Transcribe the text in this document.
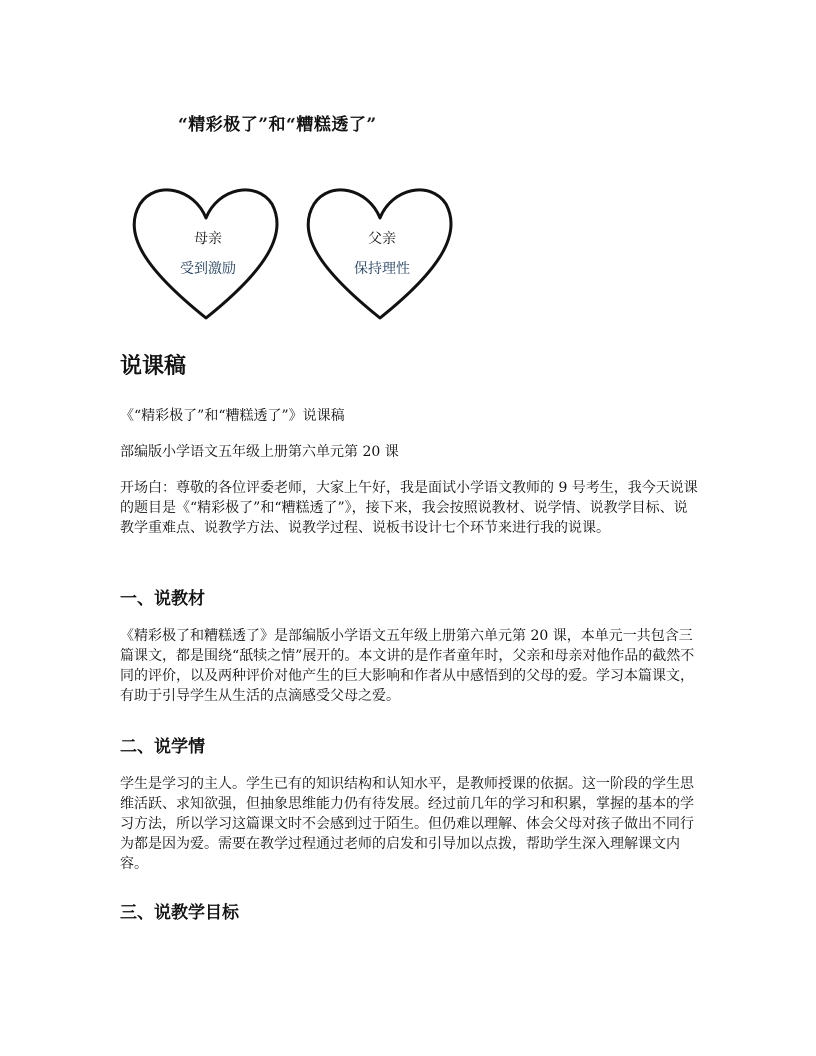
“精彩极了”和“糟糕透了”
母亲
受到激励
父亲
保持理性
说课稿

《“精彩极了”和“糟糕透了”》说课稿

部编版小学语文五年级上册第六单元第 20 课

开场白：尊敬的各位评委老师，大家上午好，我是面试小学语文教师的 9 号考生，我今天说课的题目是《“精彩极了”和“糟糕透了”》，接下来，我会按照说教材、说学情、说教学目标、说教学重难点、说教学方法、说教学过程、说板书设计七个环节来进行我的说课。

一、说教材

《精彩极了和糟糕透了》是部编版小学语文五年级上册第六单元第 20 课，本单元一共包含三篇课文，都是围绕“舐犊之情”展开的。本文讲的是作者童年时，父亲和母亲对他作品的截然不同的评价，以及两种评价对他产生的巨大影响和作者从中感悟到的父母的爱。学习本篇课文，有助于引导学生从生活的点滴感受父母之爱。

二、说学情

学生是学习的主人。学生已有的知识结构和认知水平，是教师授课的依据。这一阶段的学生思维活跃、求知欲强，但抽象思维能力仍有待发展。经过前几年的学习和积累，掌握的基本的学习方法，所以学习这篇课文时不会感到过于陌生。但仍难以理解、体会父母对孩子做出不同行为都是因为爱。需要在教学过程通过老师的启发和引导加以点拨，帮助学生深入理解课文内容。

三、说教学目标
